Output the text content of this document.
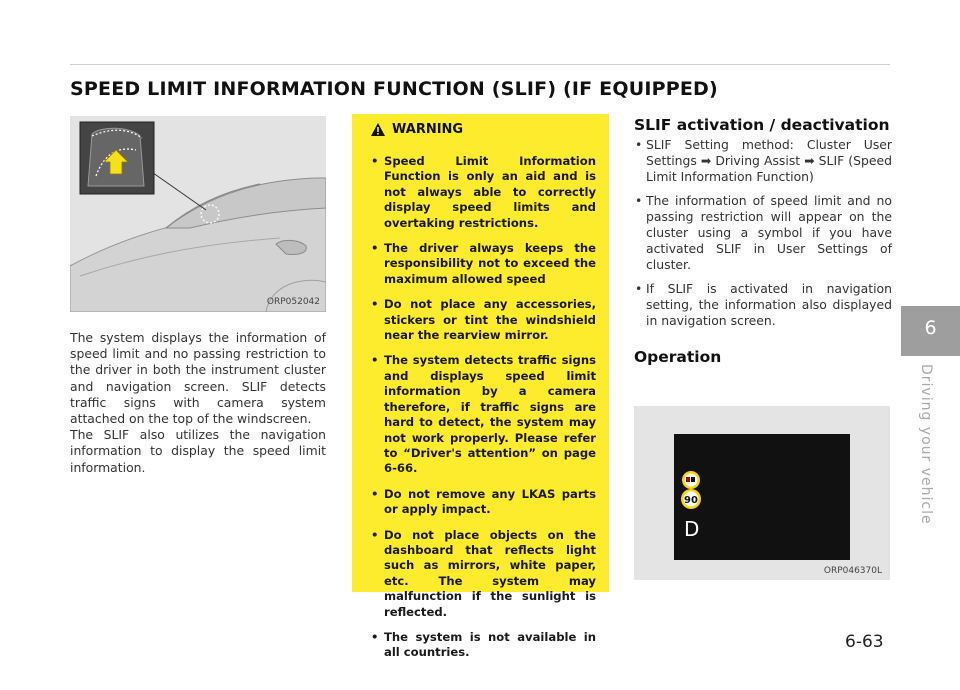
SPEED LIMIT INFORMATION FUNCTION (SLIF) (IF EQUIPPED)
ORP052042

The system displays the information of speed limit and no passing restriction to the driver in both the instrument cluster and navigation screen. SLIF detects traffic signs with camera system attached on the top of the windscreen.

The SLIF also utilizes the navigation information to display the speed limit information.

WARNING
• Speed Limit Information Function is only an aid and is not always able to correctly display speed limits and overtaking restrictions.
• The driver always keeps the responsibility not to exceed the maximum allowed speed
• Do not place any accessories, stickers or tint the windshield near the rearview mirror.
• The system detects traffic signs and displays speed limit information by a camera therefore, if traffic signs are hard to detect, the system may not work properly. Please refer to “Driver's attention” on page 6-66.
• Do not remove any LKAS parts or apply impact.
• Do not place objects on the dashboard that reflects light such as mirrors, white paper, etc. The system may malfunction if the sunlight is reflected.
• The system is not available in all countries.
SLIF activation / deactivation
• SLIF Setting method: Cluster User Settings ➡ Driving Assist ➡ SLIF (Speed Limit Information Function)
• The information of speed limit and no passing restriction will appear on the cluster using a symbol if you have activated SLIF in User Settings of cluster.
• If SLIF is activated in navigation setting, the information also displayed in navigation screen.
Operation
90
D
ORP046370L
6
Driving your vehicle
6-63
